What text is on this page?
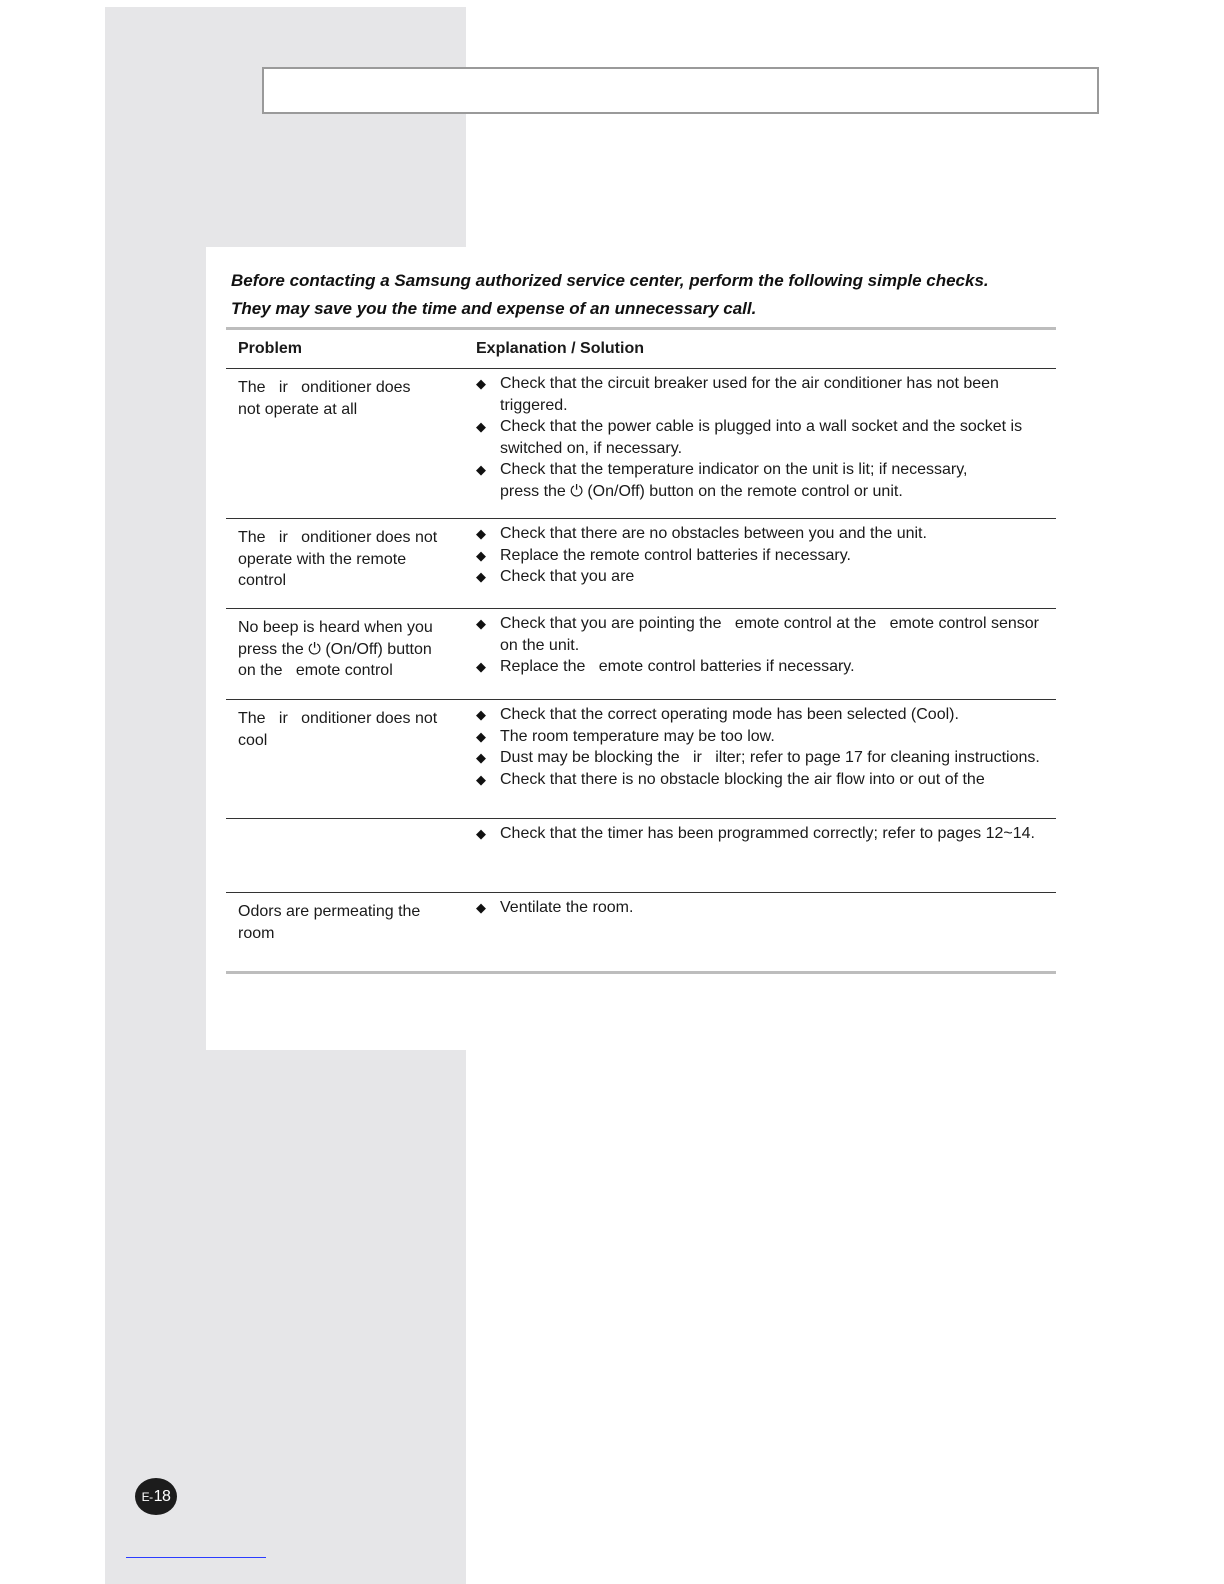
Before contacting a Samsung authorized service center, perform the following simple checks.

They may save you the time and expense of an unnecessary call.

Problem	Explanation / Solution
The   ir   onditioner does
not operate at all
◆ Check that the circuit breaker used for the air conditioner has not been
triggered.
◆ Check that the power cable is plugged into a wall socket and the socket is
switched on, if necessary.
◆ Check that the temperature indicator on the unit is lit; if necessary,
press the ⏻ (On/Off) button on the remote control or unit.
The   ir   onditioner does not
operate with the remote
control
◆ Check that there are no obstacles between you and the unit.
◆ Replace the remote control batteries if necessary.
◆ Check that you are
No beep is heard when you
press the ⏻ (On/Off) button
on the   emote control
◆ Check that you are pointing the   emote control at the   emote control sensor
on the unit.
◆ Replace the   emote control batteries if necessary.
The   ir   onditioner does not
cool
◆ Check that the correct operating mode has been selected (Cool).
◆ The room temperature may be too low.
◆ Dust may be blocking the   ir   ilter; refer to page 17 for cleaning instructions.
◆ Check that there is no obstacle blocking the air flow into or out of the
◆ Check that the timer has been programmed correctly; refer to pages 12~14.
Odors are permeating the
room
◆ Ventilate the room.
E- 18
